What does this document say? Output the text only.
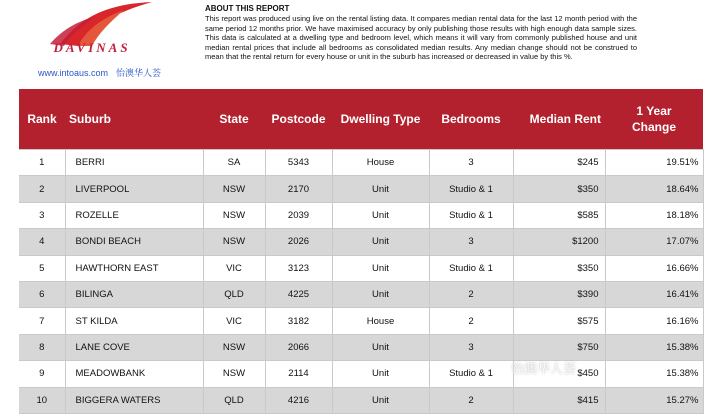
DAVINAS
www.intoaus.com 怡澳华人荟
ABOUT THIS REPORT
This report was produced using live on the rental listing data. It compares median rental data for the last 12 month period with the same period 12 months prior. We have maximised accuracy by only publishing those results with high enough data sample sizes. This data is calculated at a dwelling type and bedroom level, which means it will vary from commonly published house and unit median rental prices that include all bedrooms as consolidated median results. Any median change should not be construed to mean that the rental return for every house or unit in the suburb has increased or decreased in value by this %.
Rank	Suburb	State	Postcode	Dwelling Type	Bedrooms	Median Rent	1 Year
Change

1	BERRI	SA	5343	House	3	$245	19.51%
2	LIVERPOOL	NSW	2170	Unit	Studio & 1	$350	18.64%
3	ROZELLE	NSW	2039	Unit	Studio & 1	$585	18.18%
4	BONDI BEACH	NSW	2026	Unit	3	$1200	17.07%
5	HAWTHORN EAST	VIC	3123	Unit	Studio & 1	$350	16.66%
6	BILINGA	QLD	4225	Unit	2	$390	16.41%
7	ST KILDA	VIC	3182	House	2	$575	16.16%
8	LANE COVE	NSW	2066	Unit	3	$750	15.38%
9	MEADOWBANK	NSW	2114	Unit	Studio & 1	$450	15.38%
10	BIGGERA WATERS	QLD	4216	Unit	2	$415	15.27%
怡澳华人荟
